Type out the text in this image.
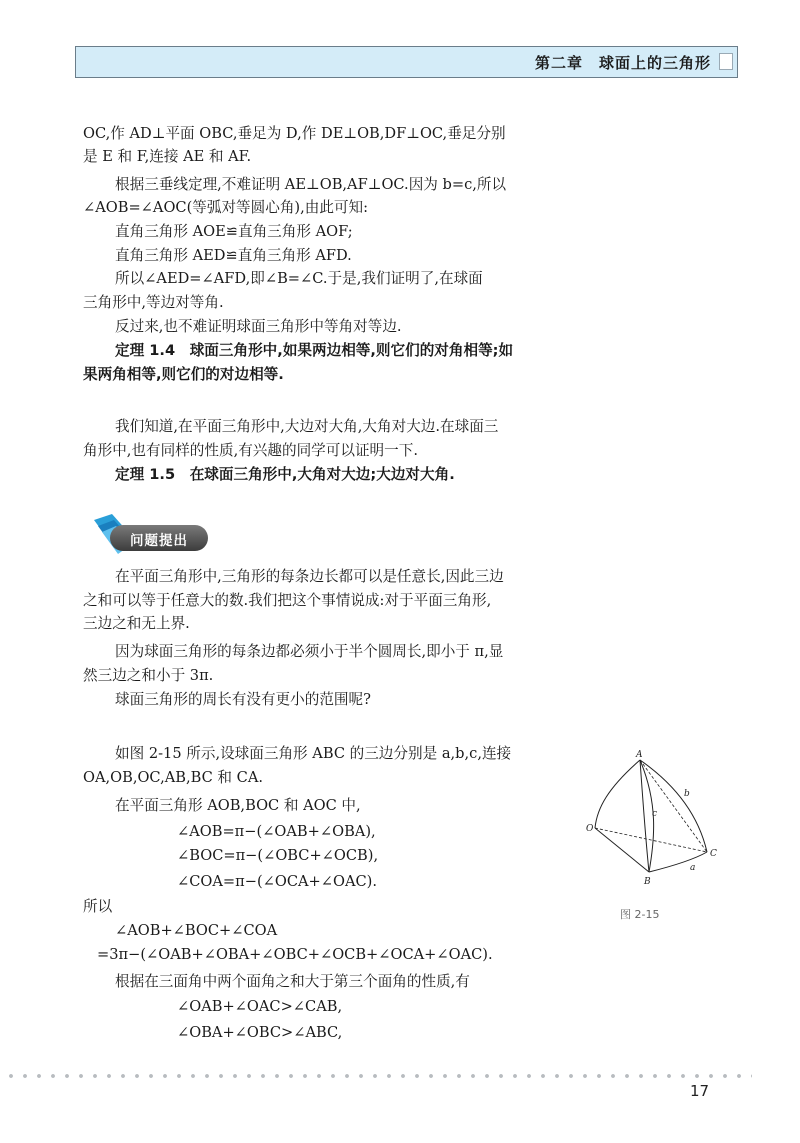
第二章　球面上的三角形
OC,作 AD⊥平面 OBC,垂足为 D,作 DE⊥OB,DF⊥OC,垂足分别
是 E 和 F,连接 AE 和 AF.
根据三垂线定理,不难证明 AE⊥OB,AF⊥OC.因为 b=c,所以
∠AOB=∠AOC(等弧对等圆心角),由此可知:
直角三角形 AOE≌直角三角形 AOF;
直角三角形 AED≌直角三角形 AFD.
所以∠AED=∠AFD,即∠B=∠C.于是,我们证明了,在球面
三角形中,等边对等角.
反过来,也不难证明球面三角形中等角对等边.
定理 1.4　球面三角形中,如果两边相等,则它们的对角相等;如
果两角相等,则它们的对边相等.
我们知道,在平面三角形中,大边对大角,大角对大边.在球面三
角形中,也有同样的性质,有兴趣的同学可以证明一下.
定理 1.5　在球面三角形中,大角对大边;大边对大角.
问题提出
在平面三角形中,三角形的每条边长都可以是任意长,因此三边
之和可以等于任意大的数.我们把这个事情说成:对于平面三角形,
三边之和无上界.
因为球面三角形的每条边都必须小于半个圆周长,即小于 π,显
然三边之和小于 3π.
球面三角形的周长有没有更小的范围呢?
如图 2-15 所示,设球面三角形 ABC 的三边分别是 a,b,c,连接
OA,OB,OC,AB,BC 和 CA.
在平面三角形 AOB,BOC 和 AOC 中,
∠AOB=π−(∠OAB+∠OBA),
∠BOC=π−(∠OBC+∠OCB),
∠COA=π−(∠OCA+∠OAC).
所以
∠AOB+∠BOC+∠COA
=3π−(∠OAB+∠OBA+∠OBC+∠OCB+∠OCA+∠OAC).
根据在三面角中两个面角之和大于第三个面角的性质,有
∠OAB+∠OAC>∠CAB,
∠OBA+∠OBC>∠ABC,
A
O
B
C
b
c
a
图 2-15
17
